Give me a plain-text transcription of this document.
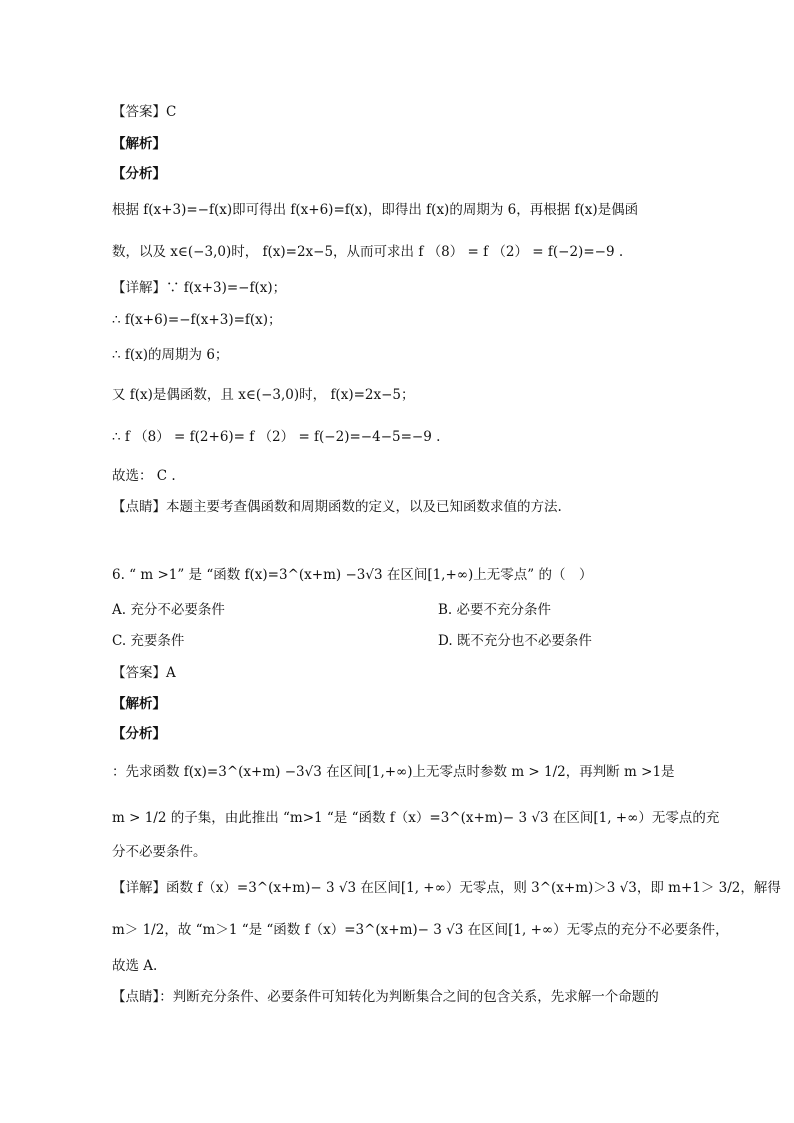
【答案】C
【解析】
【分析】
根据 f(x+3)=−f(x)即可得出 f(x+6)=f(x)，即得出 f(x)的周期为 6，再根据 f(x)是偶函
数，以及 x∈(−3,0)时， f(x)=2x−5，从而可求出 f （8） = f （2） = f(−2)=−9 .
【详解】∵ f(x+3)=−f(x)；
∴ f(x+6)=−f(x+3)=f(x)；
∴ f(x)的周期为 6；
又 f(x)是偶函数，且 x∈(−3,0)时， f(x)=2x−5；
∴ f （8） = f(2+6)= f （2） = f(−2)=−4−5=−9 .
故选： C .
【点睛】本题主要考查偶函数和周期函数的定义，以及已知函数求值的方法.
6. “ m >1” 是 “函数 f(x)=3^(x+m) −3√3 在区间[1,+∞)上无零点” 的（　）
A. 充分不必要条件	B. 必要不充分条件
C. 充要条件	D. 既不充分也不必要条件
【答案】A
【解析】
【分析】
：先求函数 f(x)=3^(x+m) −3√3 在区间[1,+∞)上无零点时参数 m > 1/2，再判断 m >1是
m > 1/2 的子集，由此推出 “m>1 “是 “函数 f（x）=3^(x+m)− 3 √3 在区间[1, +∞）无零点的充
分不必要条件。
【详解】函数 f（x）=3^(x+m)− 3 √3 在区间[1, +∞）无零点，则 3^(x+m)＞3 √3，即 m+1＞ 3/2，解得
m＞ 1/2，故 “m＞1 “是 “函数 f（x）=3^(x+m)− 3 √3 在区间[1, +∞）无零点的充分不必要条件，
故选 A.
【点睛】：判断充分条件、必要条件可知转化为判断集合之间的包含关系，先求解一个命题的
